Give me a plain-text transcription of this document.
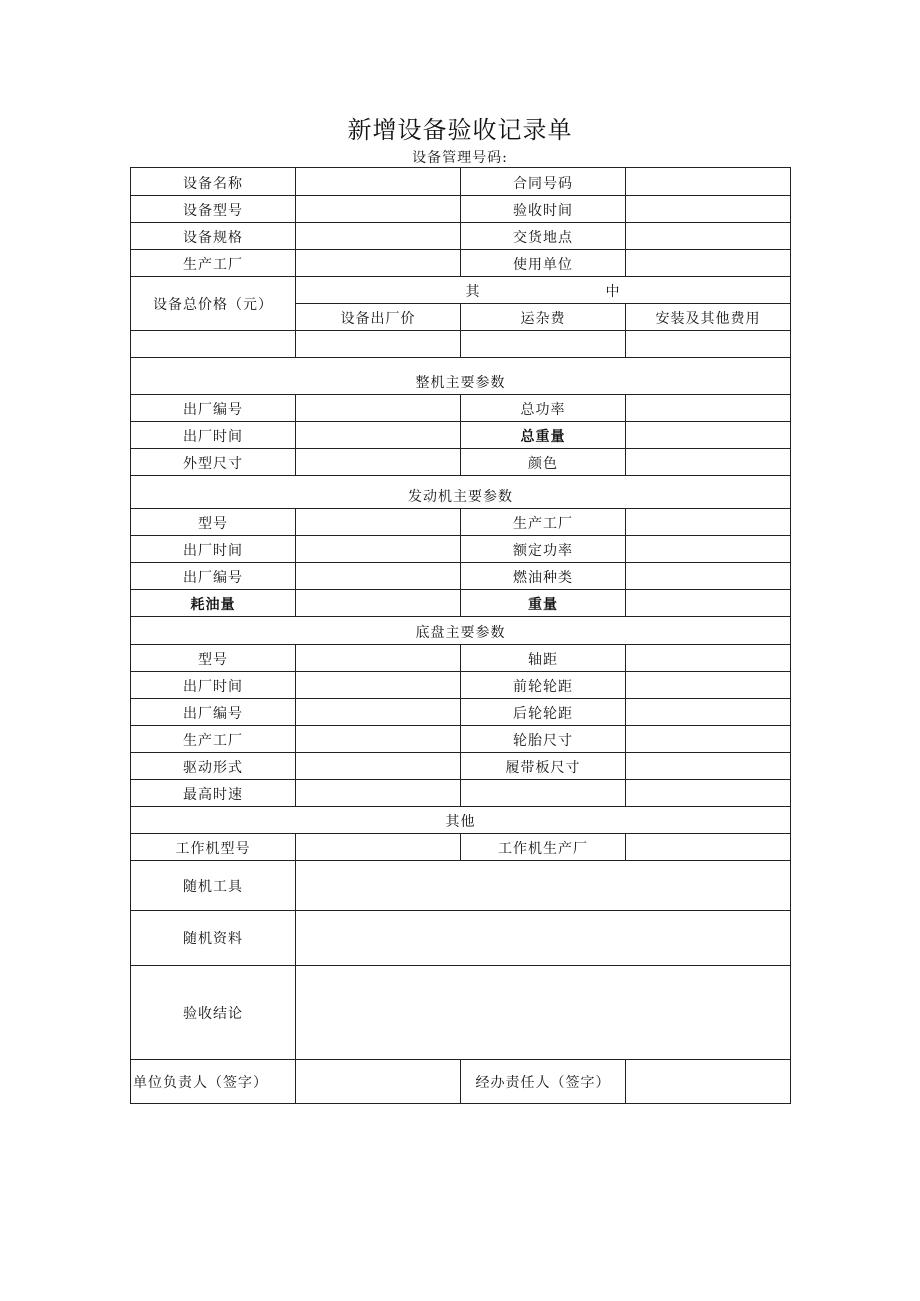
新增设备验收记录单
设备管理号码:
设备名称		合同号码	
设备型号		验收时间	
设备规格		交货地点	
生产工厂		使用单位	
设备总价格（元）	其 中		
	设备出厂价	运杂费	安装及其他费用

整机主要参数			
出厂编号		总功率	
出厂时间		总重量	
外型尺寸		颜色	
发动机主要参数			
型号		生产工厂	
出厂时间		额定功率	
出厂编号		燃油种类	
耗油量		重量	
底盘主要参数			
型号		轴距	
出厂时间		前轮轮距	
出厂编号		后轮轮距	
生产工厂		轮胎尺寸	
驱动形式		履带板尺寸	
最高时速			
其他			
工作机型号		工作机生产厂	
随机工具			
随机资料			
验收结论			
单位负责人（签字）		经办责任人（签字）	
